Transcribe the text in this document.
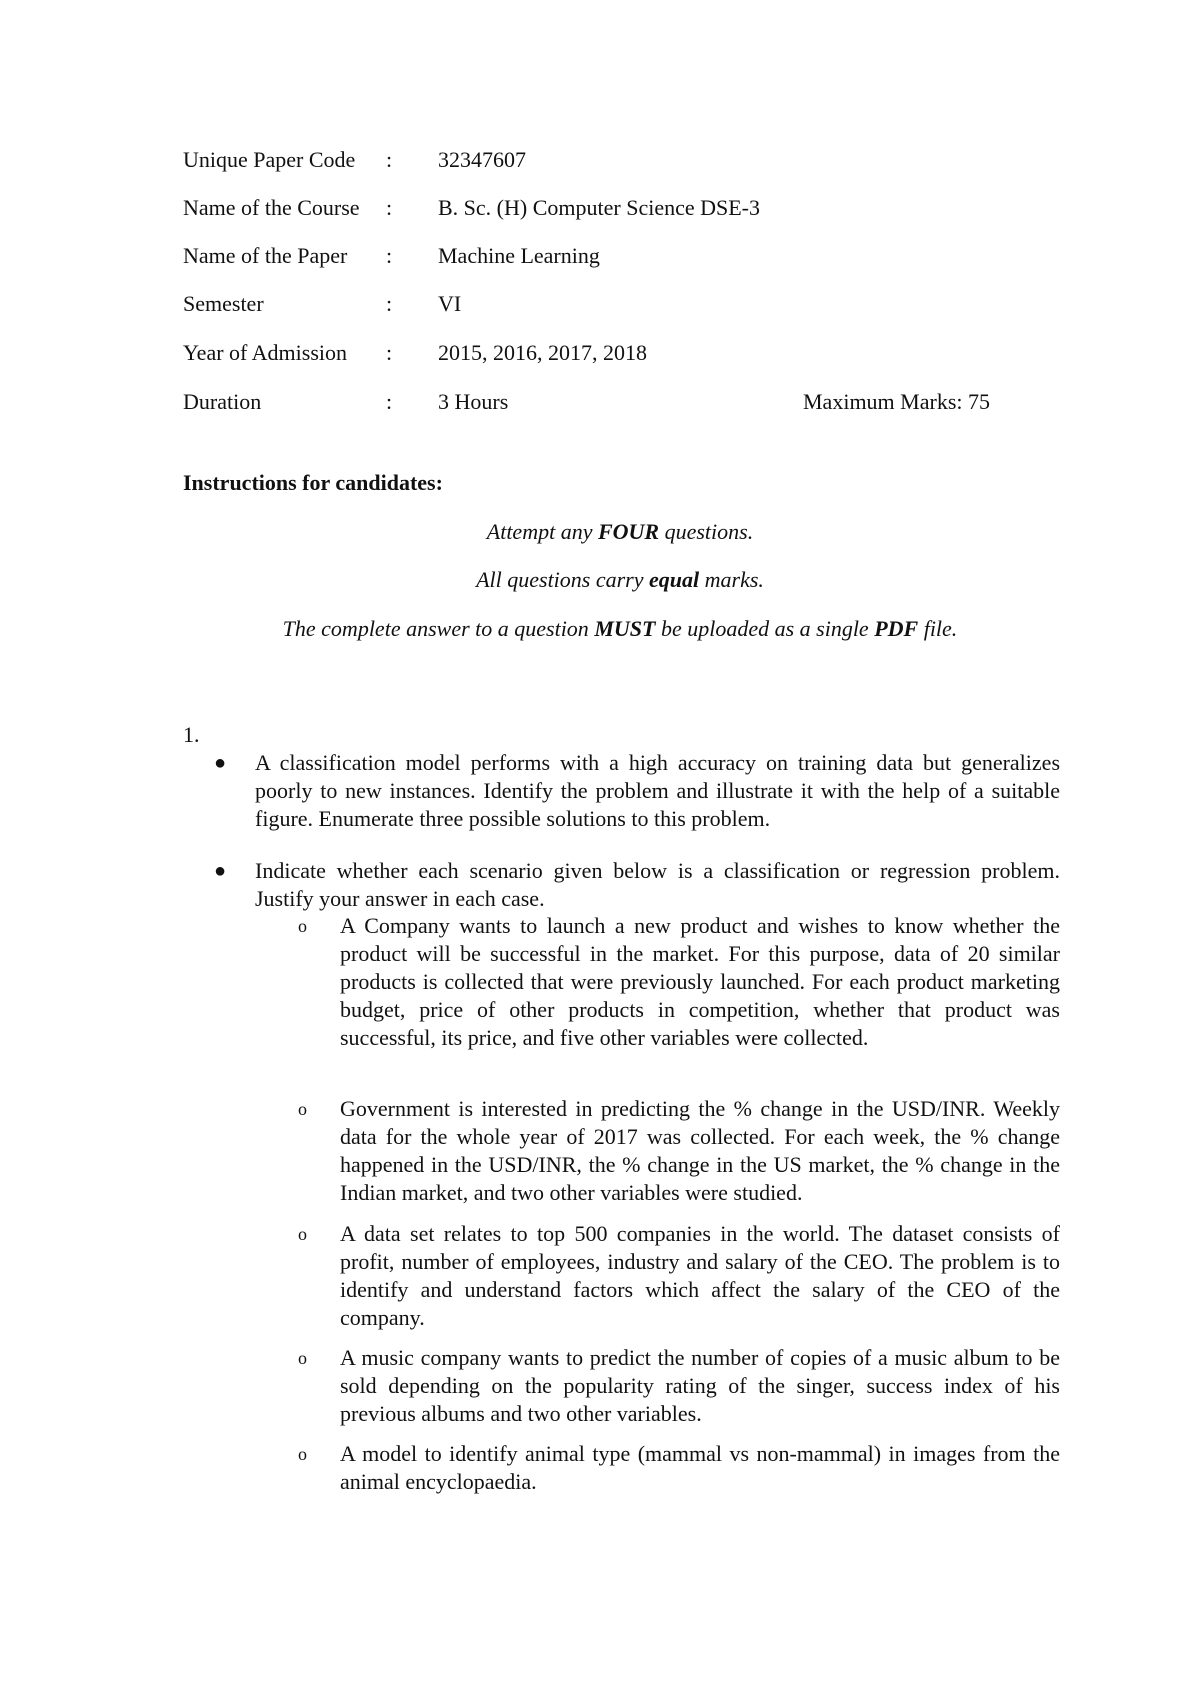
Unique Paper Code : 32347607
Name of the Course : B. Sc. (H) Computer Science DSE-3
Name of the Paper : Machine Learning
Semester	: VI
Year of Admission : 2015, 2016, 2017, 2018
Duration	: 3 Hours	Maximum Marks: 75
Instructions for candidates:
Attempt any FOUR questions.
All questions carry equal marks.
The complete answer to a question MUST be uploaded as a single PDF file.
1.
● A classification model performs with a high accuracy on training data but generalizes poorly to new instances. Identify the problem and illustrate it with the help of a suitable figure. Enumerate three possible solutions to this problem.
● Indicate whether each scenario given below is a classification or regression problem. Justify your answer in each case.
o A Company wants to launch a new product and wishes to know whether the product will be successful in the market. For this purpose, data of 20 similar products is collected that were previously launched. For each product marketing budget, price of other products in competition, whether that product was successful, its price, and five other variables were collected.
o Government is interested in predicting the % change in the USD/INR. Weekly data for the whole year of 2017 was collected. For each week, the % change happened in the USD/INR, the % change in the US market, the % change in the Indian market, and two other variables were studied.
o A data set relates to top 500 companies in the world. The dataset consists of profit, number of employees, industry and salary of the CEO. The problem is to identify and understand factors which affect the salary of the CEO of the company.
o A music company wants to predict the number of copies of a music album to be sold depending on the popularity rating of the singer, success index of his previous albums and two other variables.
o A model to identify animal type (mammal vs non-mammal) in images from the animal encyclopaedia.
